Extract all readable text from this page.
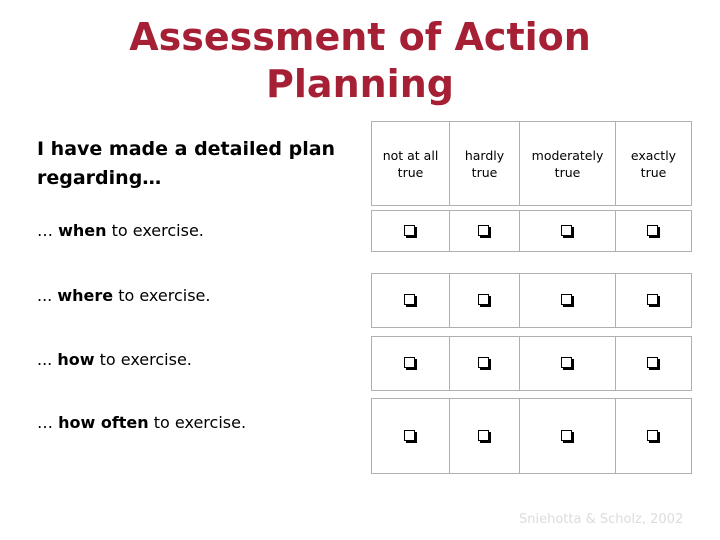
Assessment of Action
Planning
I have made a detailed plan
regarding…
not at all
true
hardly
true
moderately
true
exactly
true
… when to exercise.
... where to exercise.
... how to exercise.
… how often to exercise.
Sniehotta & Scholz, 2002
